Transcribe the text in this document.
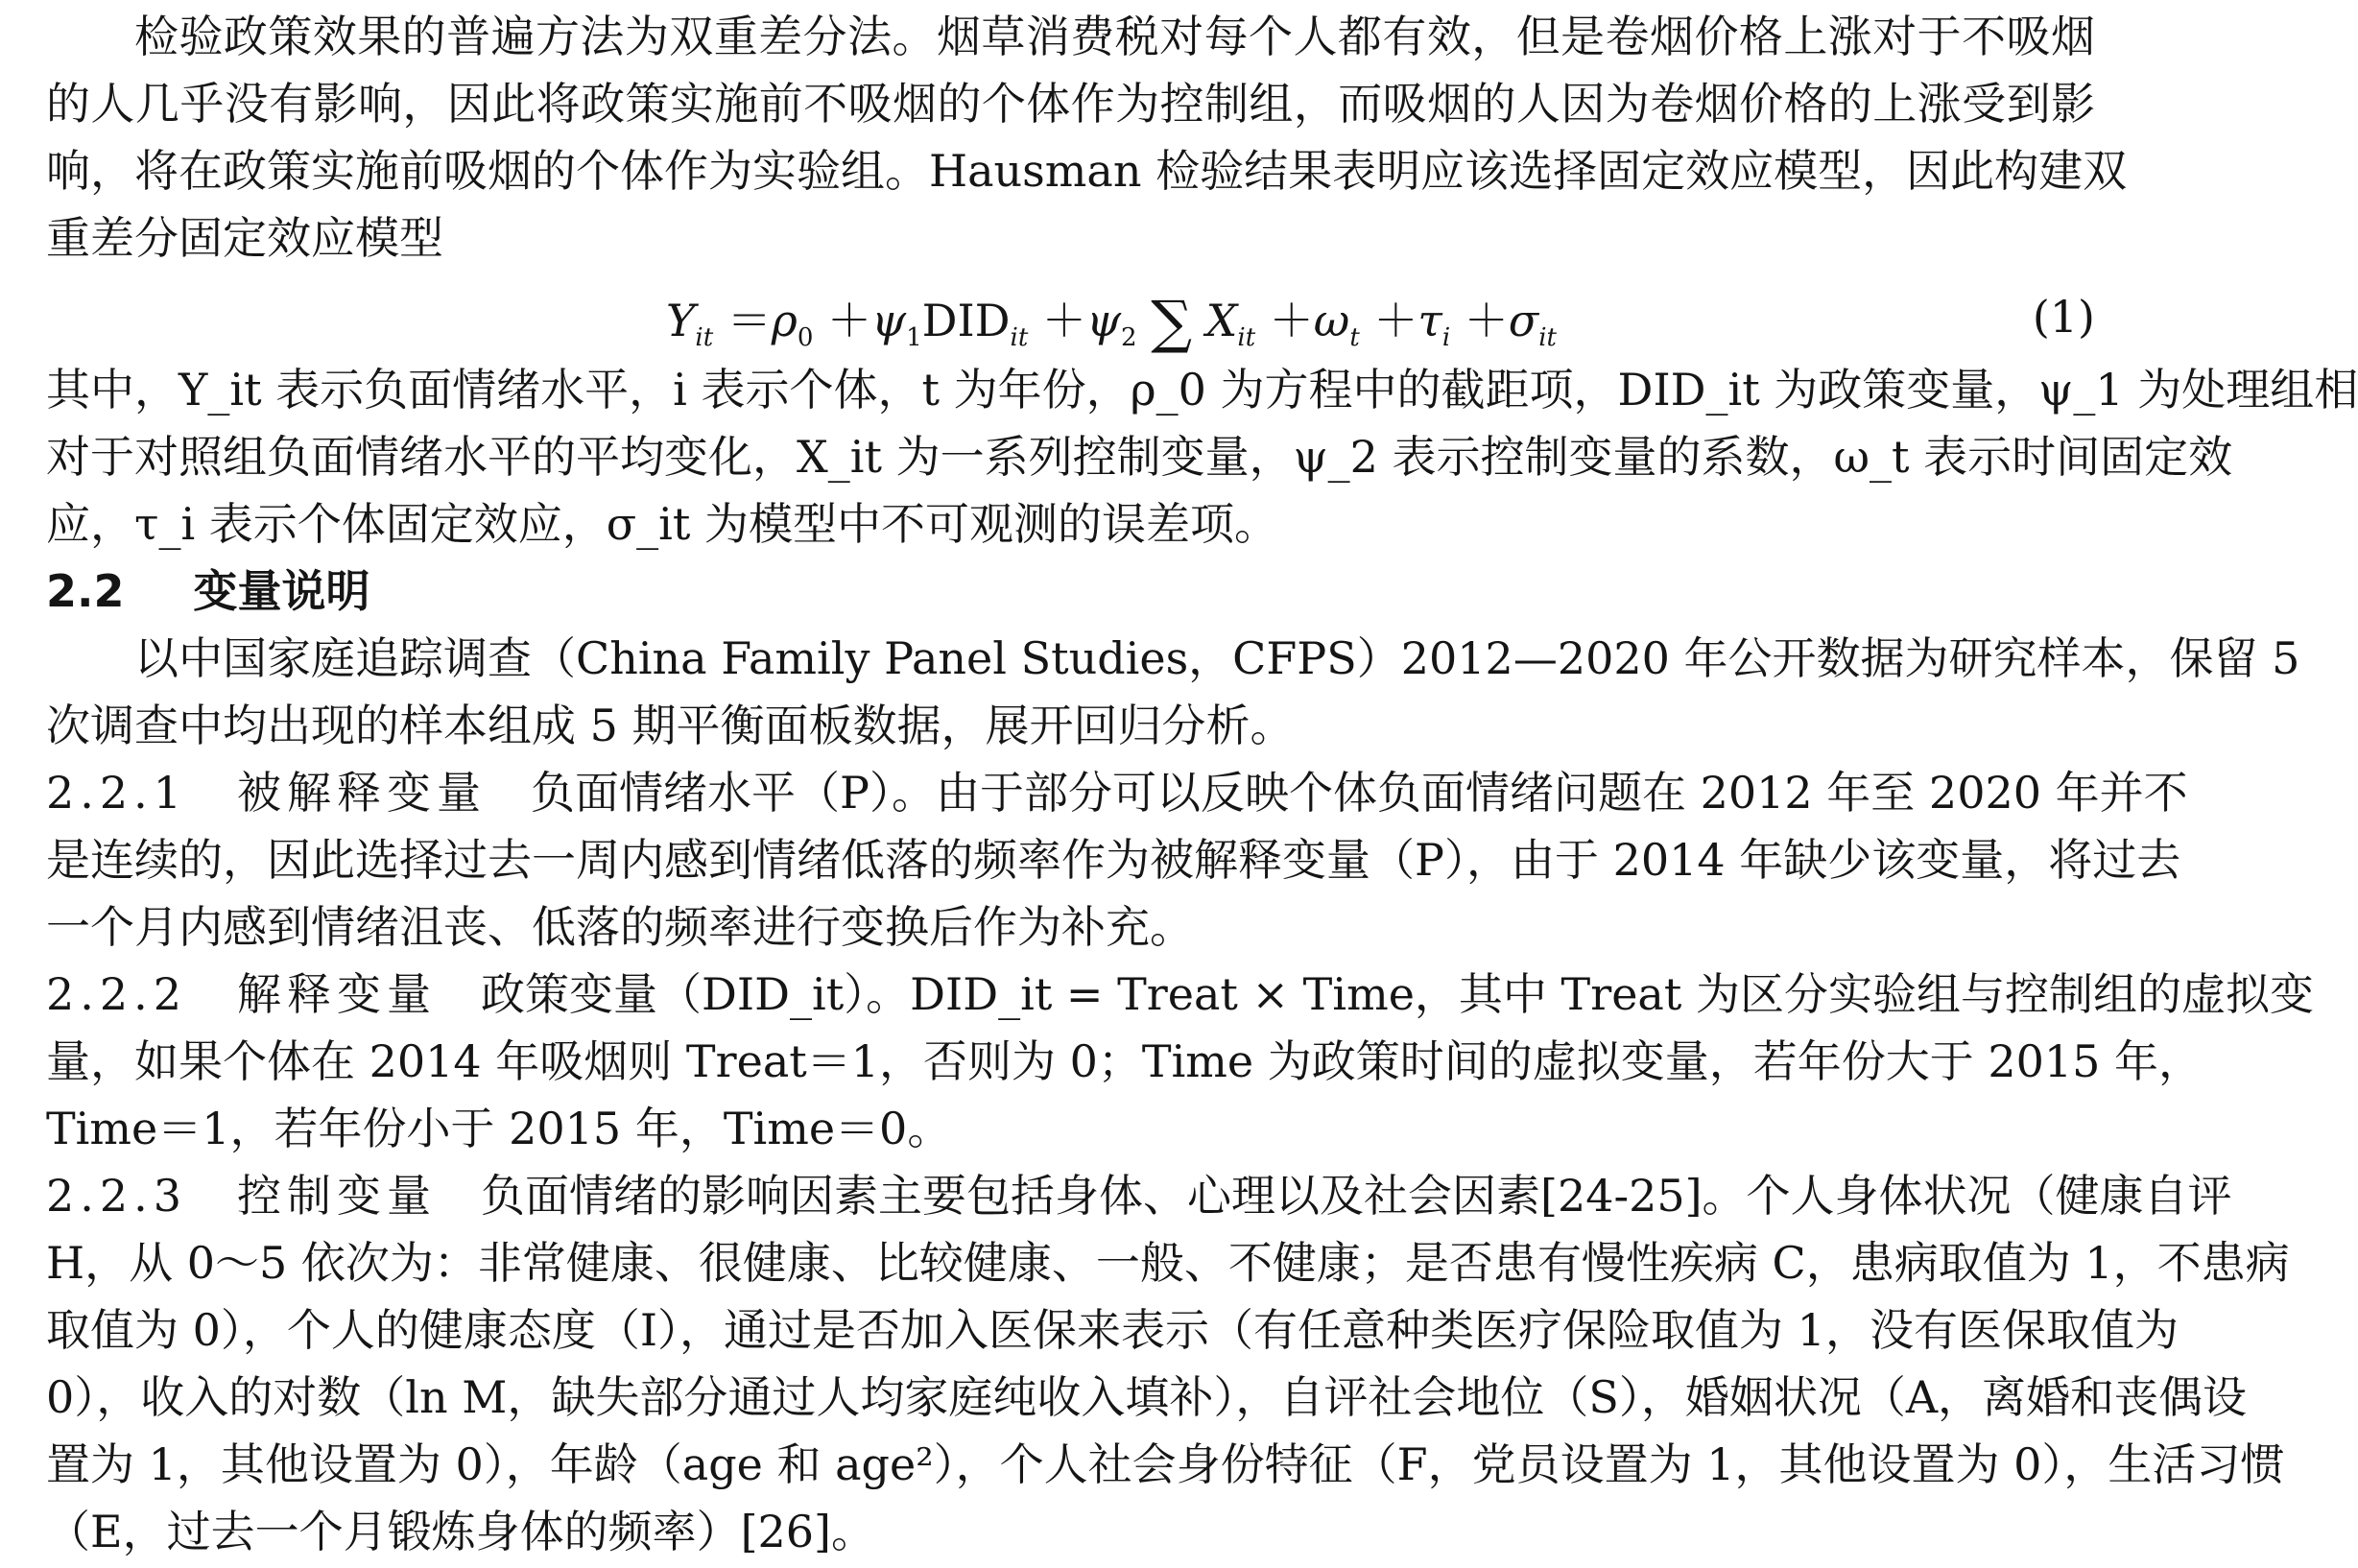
检验政策效果的普遍方法为双重差分法。烟草消费税对每个人都有效，但是卷烟价格上涨对于不吸烟
的人几乎没有影响，因此将政策实施前不吸烟的个体作为控制组，而吸烟的人因为卷烟价格的上涨受到影
响，将在政策实施前吸烟的个体作为实验组。Hausman 检验结果表明应该选择固定效应模型，因此构建双
重差分固定效应模型
$Y_{it} =\rho_0 +\psi_1DID_{it} +\psi_2$ ∑ $X_{it} +\omega_t +\tau_i +\sigma_{it}$	(1)
其中，Y_it 表示负面情绪水平，i 表示个体，t 为年份，ρ_0 为方程中的截距项，DID_it 为政策变量，ψ_1 为处理组相
对于对照组负面情绪水平的平均变化，X_it 为一系列控制变量，ψ_2 表示控制变量的系数，ω_t 表示时间固定效
应，τ_i 表示个体固定效应，σ_it 为模型中不可观测的误差项。
2.2 变量说明
以中国家庭追踪调查（China Family Panel Studies，CFPS）2012—2020 年公开数据为研究样本，保留 5
次调查中均出现的样本组成 5 期平衡面板数据，展开回归分析。
2.2.1　被解释变量　 负面情绪水平（P）。由于部分可以反映个体负面情绪问题在 2012 年至 2020 年并不
是连续的，因此选择过去一周内感到情绪低落的频率作为被解释变量（P），由于 2014 年缺少该变量，将过去
一个月内感到情绪沮丧、低落的频率进行变换后作为补充。
2.2.2　解释变量　 政策变量（DID_it）。DID_it = Treat × Time，其中 Treat 为区分实验组与控制组的虚拟变
量，如果个体在 2014 年吸烟则 Treat＝1，否则为 0；Time 为政策时间的虚拟变量，若年份大于 2015 年，
Time＝1，若年份小于 2015 年，Time＝0。
2.2.3　控制变量　 负面情绪的影响因素主要包括身体、心理以及社会因素[24-25]。个人身体状况（健康自评
H，从 0～5 依次为：非常健康、很健康、比较健康、一般、不健康；是否患有慢性疾病 C，患病取值为 1，不患病
取值为 0），个人的健康态度（I），通过是否加入医保来表示（有任意种类医疗保险取值为 1，没有医保取值为
0），收入的对数（ln M，缺失部分通过人均家庭纯收入填补），自评社会地位（S），婚姻状况（A，离婚和丧偶设
置为 1，其他设置为 0），年龄（age 和 age²），个人社会身份特征（F，党员设置为 1，其他设置为 0），生活习惯
（E，过去一个月锻炼身体的频率）[26]。
